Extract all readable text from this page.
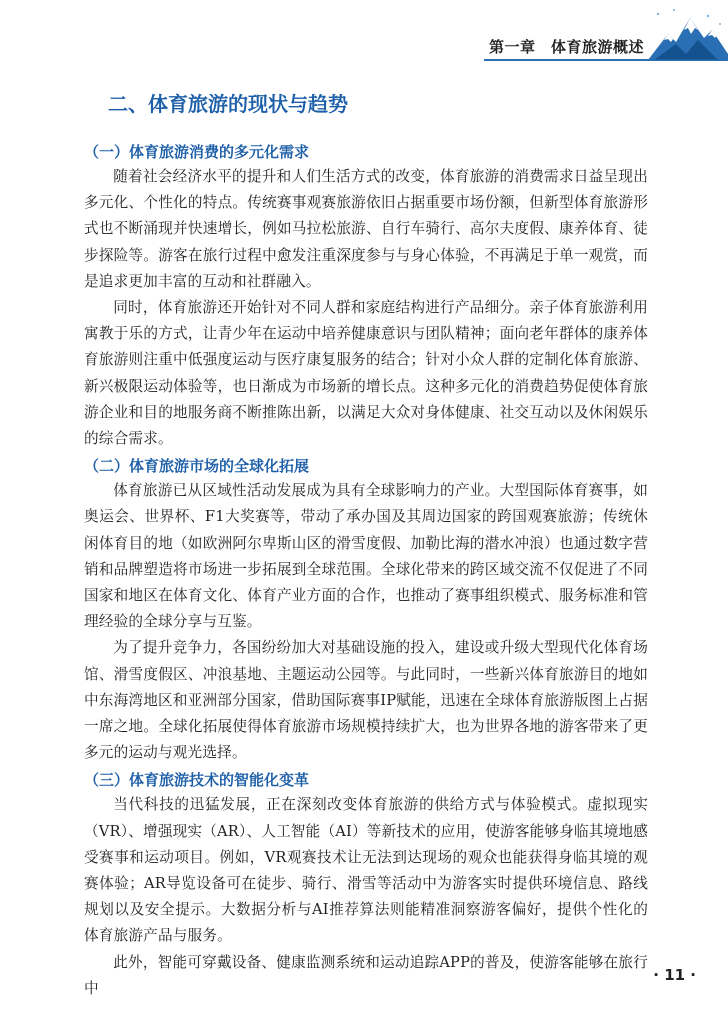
第一章　体育旅游概述
二、体育旅游的现状与趋势
（一）体育旅游消费的多元化需求

随着社会经济水平的提升和人们生活方式的改变，体育旅游的消费需求日益呈现出多元化、个性化的特点。传统赛事观赛旅游依旧占据重要市场份额，但新型体育旅游形式也不断涌现并快速增长，例如马拉松旅游、自行车骑行、高尔夫度假、康养体育、徒步探险等。游客在旅行过程中愈发注重深度参与与身心体验，不再满足于单一观赏，而是追求更加丰富的互动和社群融入。

同时，体育旅游还开始针对不同人群和家庭结构进行产品细分。亲子体育旅游利用寓教于乐的方式，让青少年在运动中培养健康意识与团队精神；面向老年群体的康养体育旅游则注重中低强度运动与医疗康复服务的结合；针对小众人群的定制化体育旅游、新兴极限运动体验等，也日渐成为市场新的增长点。这种多元化的消费趋势促使体育旅游企业和目的地服务商不断推陈出新，以满足大众对身体健康、社交互动以及休闲娱乐的综合需求。

（二）体育旅游市场的全球化拓展

体育旅游已从区域性活动发展成为具有全球影响力的产业。大型国际体育赛事，如奥运会、世界杯、F1大奖赛等，带动了承办国及其周边国家的跨国观赛旅游；传统休闲体育目的地（如欧洲阿尔卑斯山区的滑雪度假、加勒比海的潜水冲浪）也通过数字营销和品牌塑造将市场进一步拓展到全球范围。全球化带来的跨区域交流不仅促进了不同国家和地区在体育文化、体育产业方面的合作，也推动了赛事组织模式、服务标准和管理经验的全球分享与互鉴。

为了提升竞争力，各国纷纷加大对基础设施的投入，建设或升级大型现代化体育场馆、滑雪度假区、冲浪基地、主题运动公园等。与此同时，一些新兴体育旅游目的地如中东海湾地区和亚洲部分国家，借助国际赛事IP赋能，迅速在全球体育旅游版图上占据一席之地。全球化拓展使得体育旅游市场规模持续扩大，也为世界各地的游客带来了更多元的运动与观光选择。

（三）体育旅游技术的智能化变革

当代科技的迅猛发展，正在深刻改变体育旅游的供给方式与体验模式。虚拟现实（VR）、增强现实（AR）、人工智能（AI）等新技术的应用，使游客能够身临其境地感受赛事和运动项目。例如，VR观赛技术让无法到达现场的观众也能获得身临其境的观赛体验；AR导览设备可在徒步、骑行、滑雪等活动中为游客实时提供环境信息、路线规划以及安全提示。大数据分析与AI推荐算法则能精准洞察游客偏好，提供个性化的体育旅游产品与服务。

此外，智能可穿戴设备、健康监测系统和运动追踪APP的普及，使游客能够在旅行中

· 11 ·
